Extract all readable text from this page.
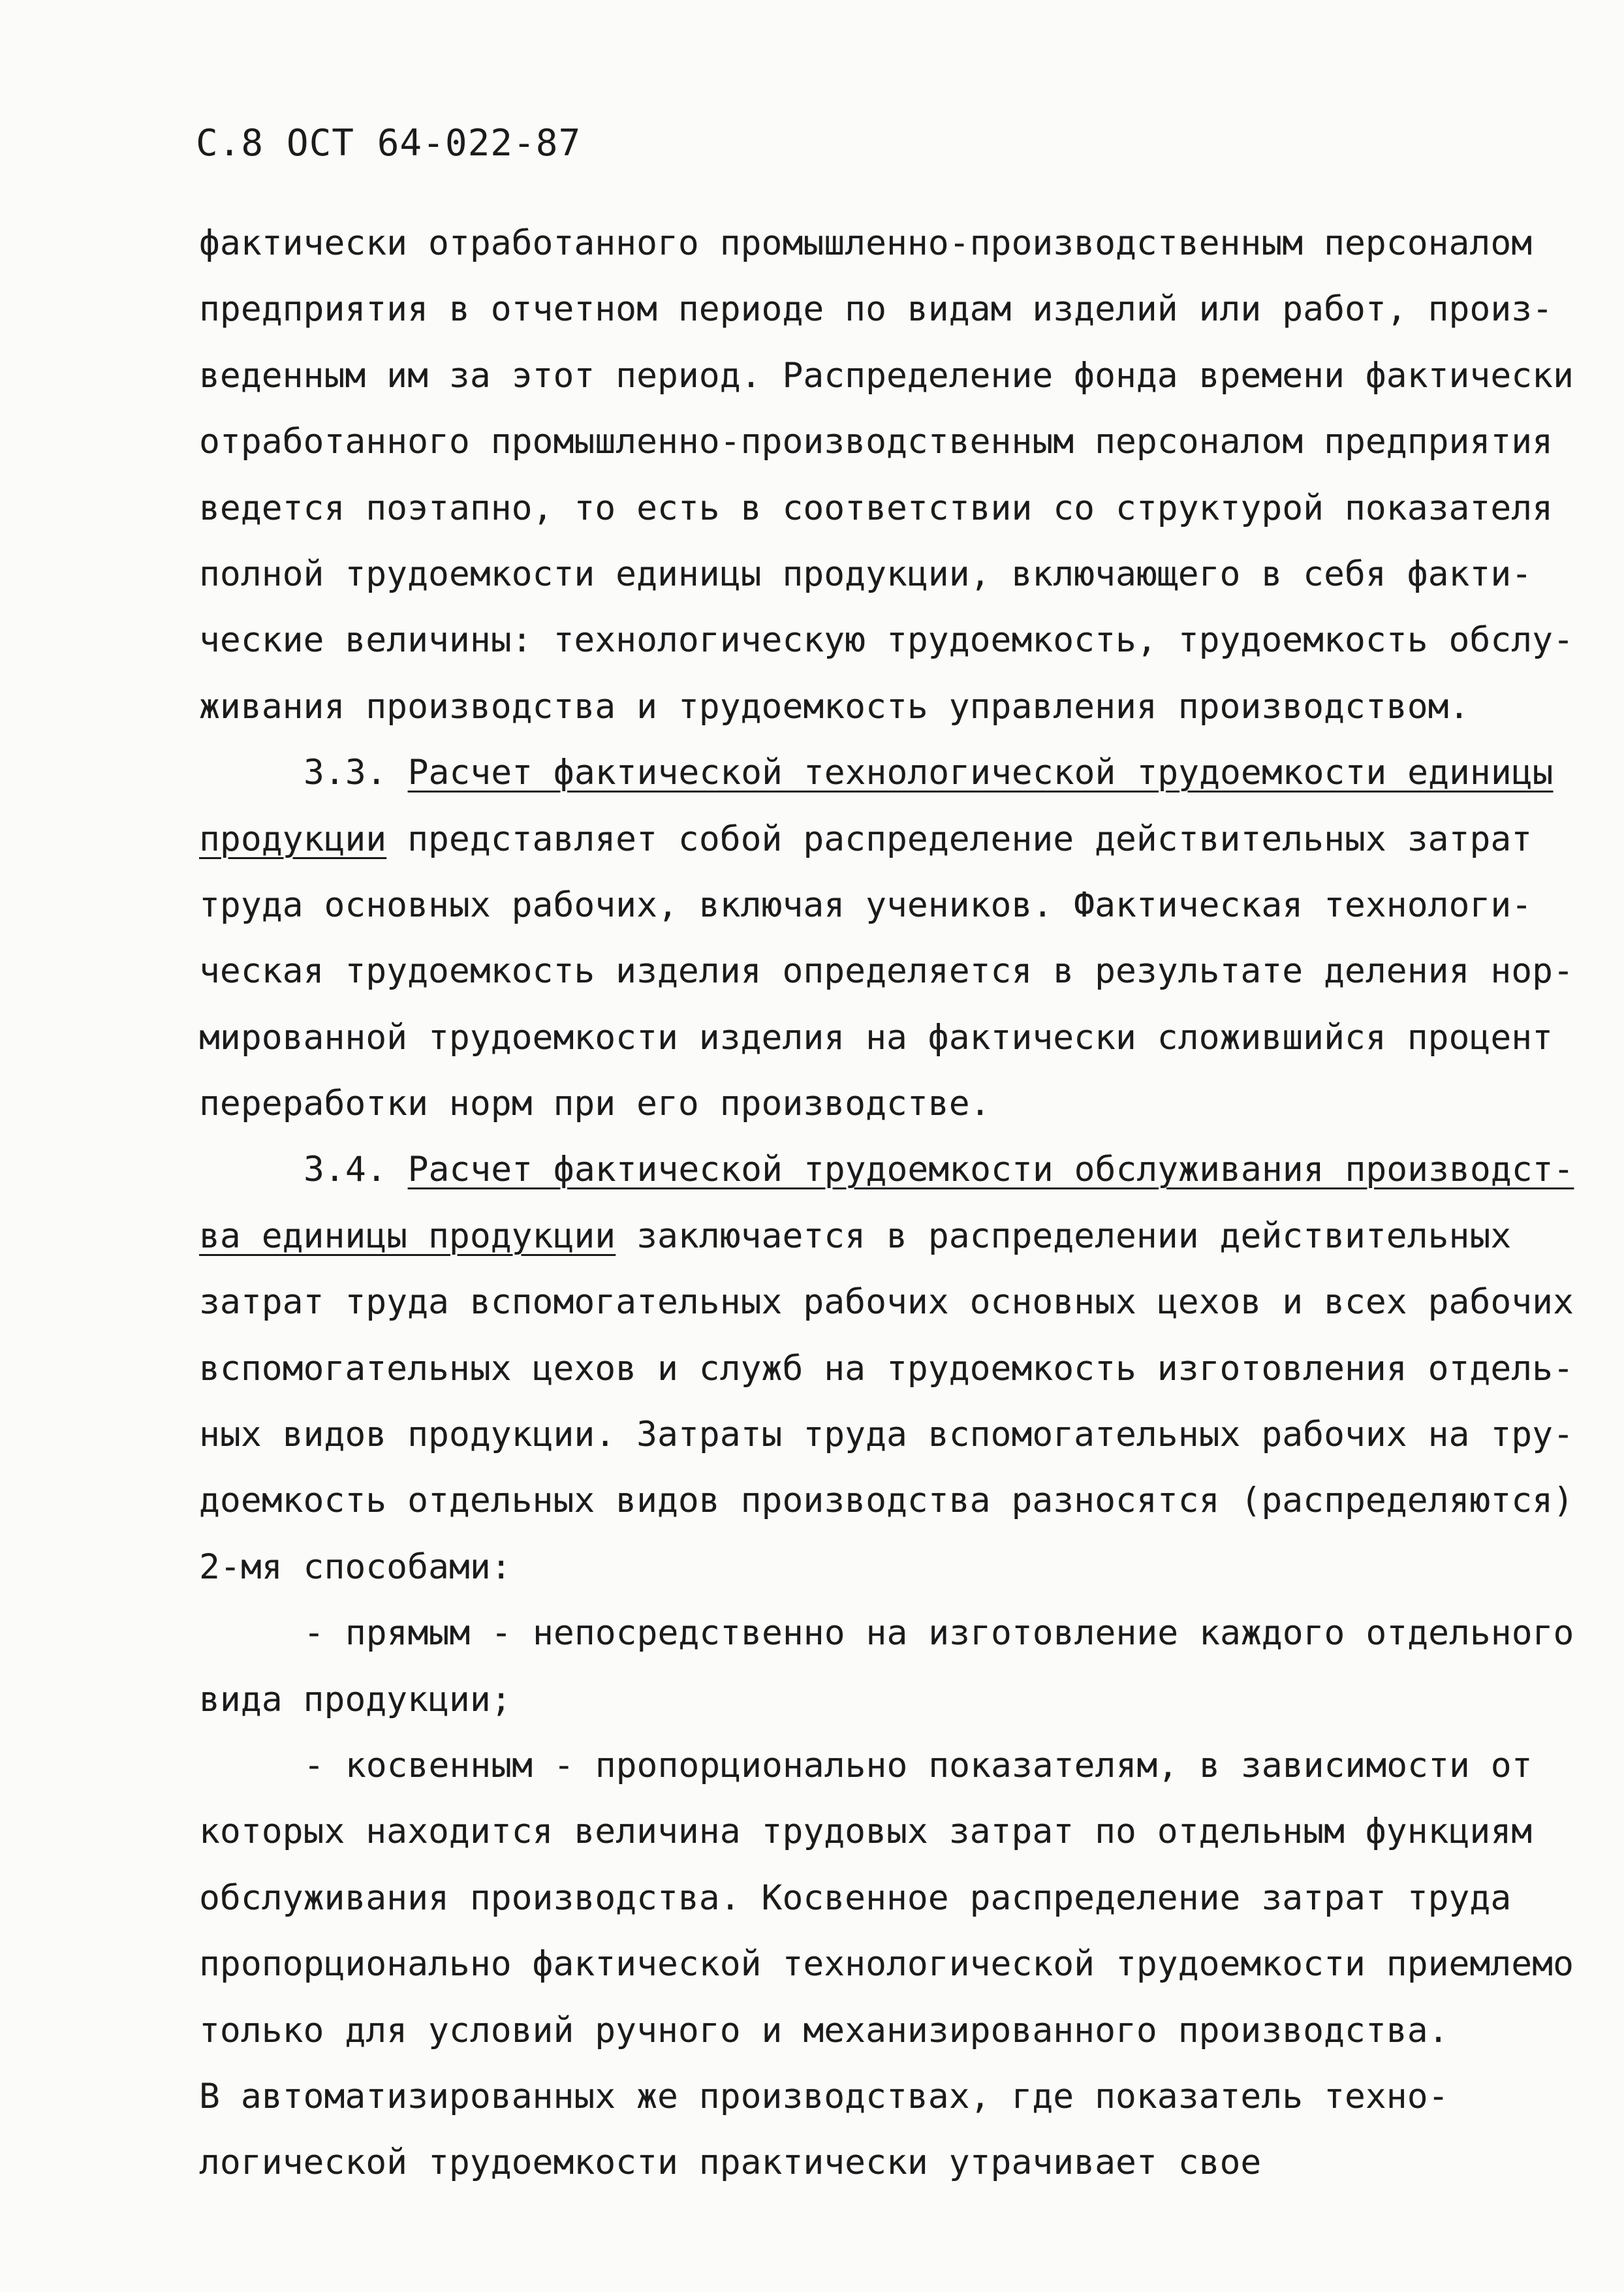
С.8 ОСТ 64-022-87
фактически отработанного промышленно-производственным персоналом
предприятия в отчетном периоде по видам изделий или работ, произ-
веденным им за этот период. Распределение фонда времени фактически
отработанного промышленно-производственным персоналом предприятия
ведется поэтапно, то есть в соответствии со структурой показателя
полной трудоемкости единицы продукции, включающего в себя факти-
ческие величины: технологическую трудоемкость, трудоемкость обслу-
живания производства и трудоемкость управления производством.
3.3. Расчет фактической технологической трудоемкости единицы
продукции представляет собой распределение действительных затрат
труда основных рабочих, включая учеников. Фактическая технологи-
ческая трудоемкость изделия определяется в результате деления нор-
мированной трудоемкости изделия на фактически сложившийся процент
переработки норм при его производстве.
3.4. Расчет фактической трудоемкости обслуживания производст-
ва единицы продукции заключается в распределении действительных
затрат труда вспомогательных рабочих основных цехов и всех рабочих
вспомогательных цехов и служб на трудоемкость изготовления отдель-
ных видов продукции. Затраты труда вспомогательных рабочих на тру-
доемкость отдельных видов производства разносятся (распределяются)
2-мя способами:
- прямым - непосредственно на изготовление каждого отдельного
вида продукции;
- косвенным - пропорционально показателям, в зависимости от
которых находится величина трудовых затрат по отдельным функциям
обслуживания производства. Косвенное распределение затрат труда
пропорционально фактической технологической трудоемкости приемлемо
только для условий ручного и механизированного производства.
В автоматизированных же производствах, где показатель техно-
логической трудоемкости практически утрачивает свое
